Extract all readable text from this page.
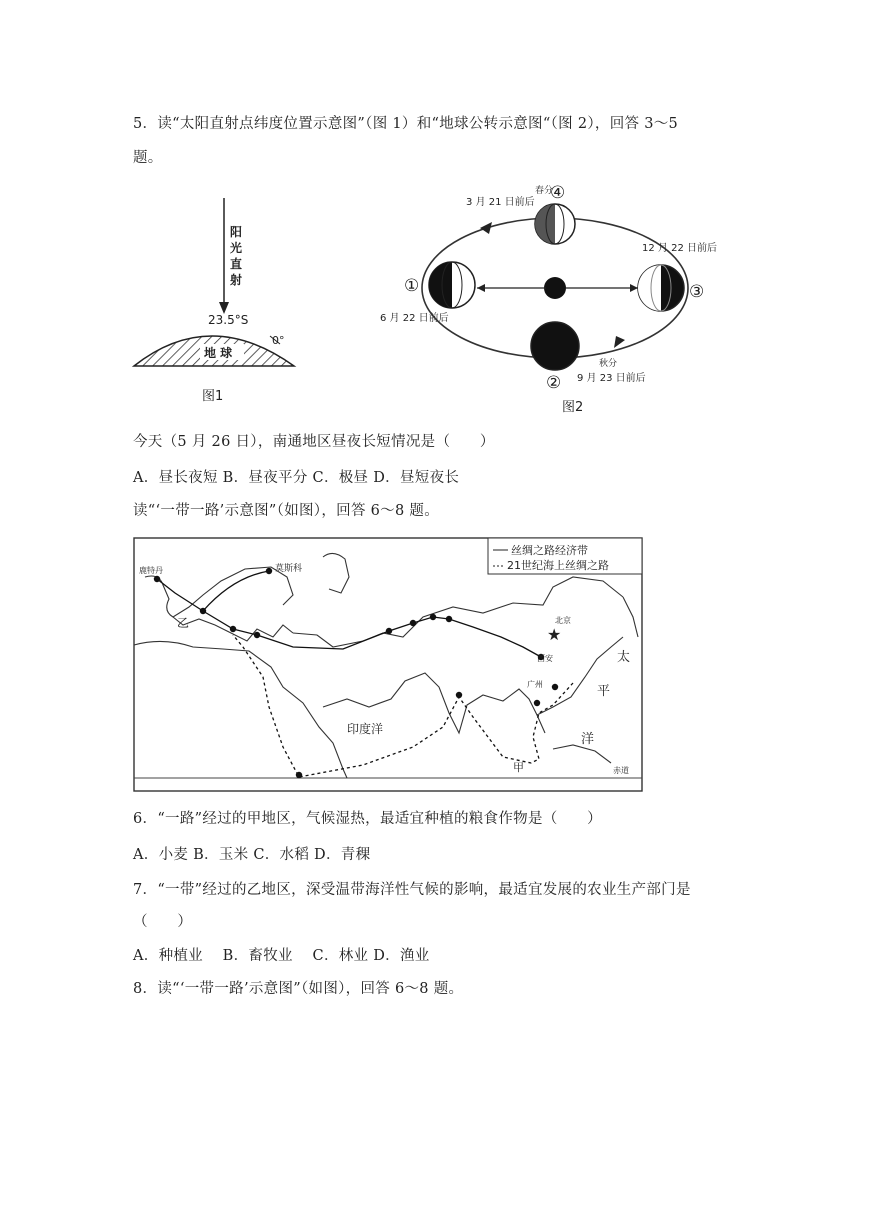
5．读“太阳直射点纬度位置示意图”（图 1）和“地球公转示意图“（图 2），回答 3～5
题。
阳
光
直
射
23.5°S
地 球
0°
图1
春分
3 月 21 日前后 ④
①
6 月 22 日前后
③
12 月 22 日前后
秋分
9 月 23 日前后
②
图2
今天（5 月 26 日），南通地区昼夜长短情况是（　　）
A．昼长夜短 B．昼夜平分 C．极昼 D．昼短夜长
读“‘一带一路’示意图”（如图），回答 6～8 题。
丝绸之路经济带
21世纪海上丝绸之路
★
鹿特丹	莫斯科
北京
西安
广州
乙
甲
印度洋
太
平
洋
赤道
6．“一路”经过的甲地区，气候湿热，最适宜种植的粮食作物是（　　）
A．小麦 B．玉米 C．水稻 D．青稞
7．“一带”经过的乙地区，深受温带海洋性气候的影响，最适宜发展的农业生产部门是
（　　）
A．种植业　 B．畜牧业　 C．林业 D．渔业
8．读“‘一带一路’示意图”（如图），回答 6～8 题。
